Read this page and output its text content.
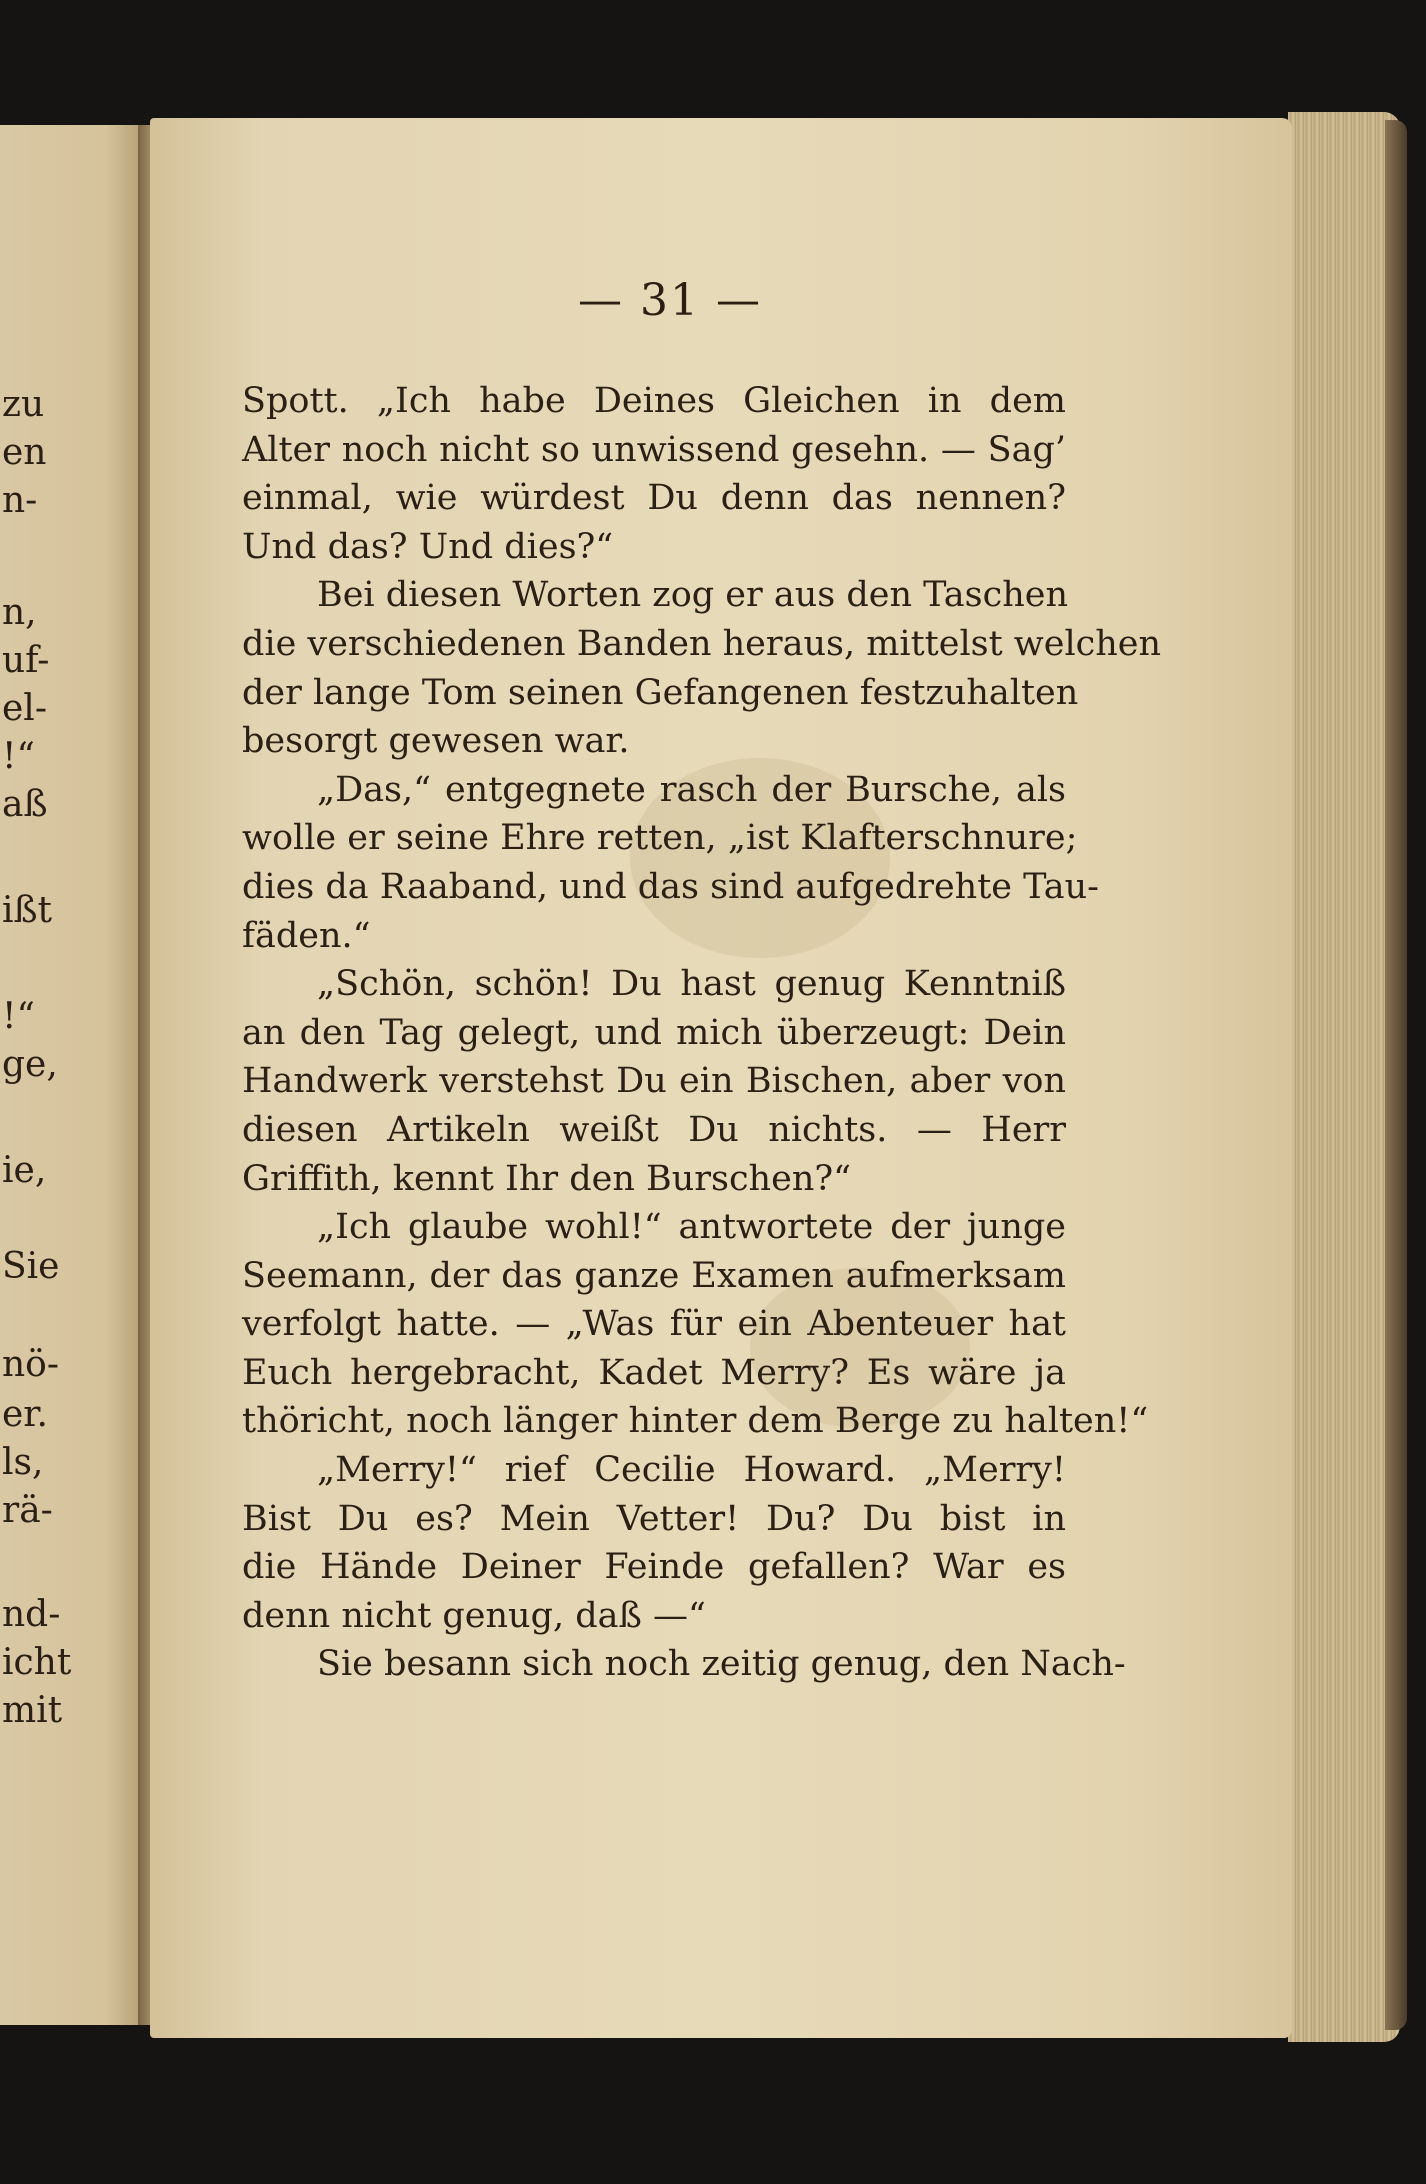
zu
en
n-
n,
uf-
el-
!“
aß
ißt
!“
ge,
ie,
Sie
nö-
er.
ls,
rä-
nd-
icht
mit
— 31 —
Spott. „Ich habe Deines Gleichen in dem
Alter noch nicht so unwissend gesehn. — Sag’
einmal, wie würdest Du denn das nennen?
Und das? Und dies?“
Bei diesen Worten zog er aus den Taschen
die verschiedenen Banden heraus, mittelst welchen
der lange Tom seinen Gefangenen festzuhalten
besorgt gewesen war.
„Das,“ entgegnete rasch der Bursche, als
wolle er seine Ehre retten, „ist Klafterschnure;
dies da Raaband, und das sind aufgedrehte Tau-
fäden.“
„Schön, schön! Du hast genug Kenntniß
an den Tag gelegt, und mich überzeugt: Dein
Handwerk verstehst Du ein Bischen, aber von
diesen Artikeln weißt Du nichts. — Herr
Griffith, kennt Ihr den Burschen?“
„Ich glaube wohl!“ antwortete der junge
Seemann, der das ganze Examen aufmerksam
verfolgt hatte. — „Was für ein Abenteuer hat
Euch hergebracht, Kadet Merry? Es wäre ja
thöricht, noch länger hinter dem Berge zu halten!“
„Merry!“ rief Cecilie Howard. „Merry!
Bist Du es? Mein Vetter! Du? Du bist in
die Hände Deiner Feinde gefallen? War es
denn nicht genug, daß —“
Sie besann sich noch zeitig genug, den Nach-
